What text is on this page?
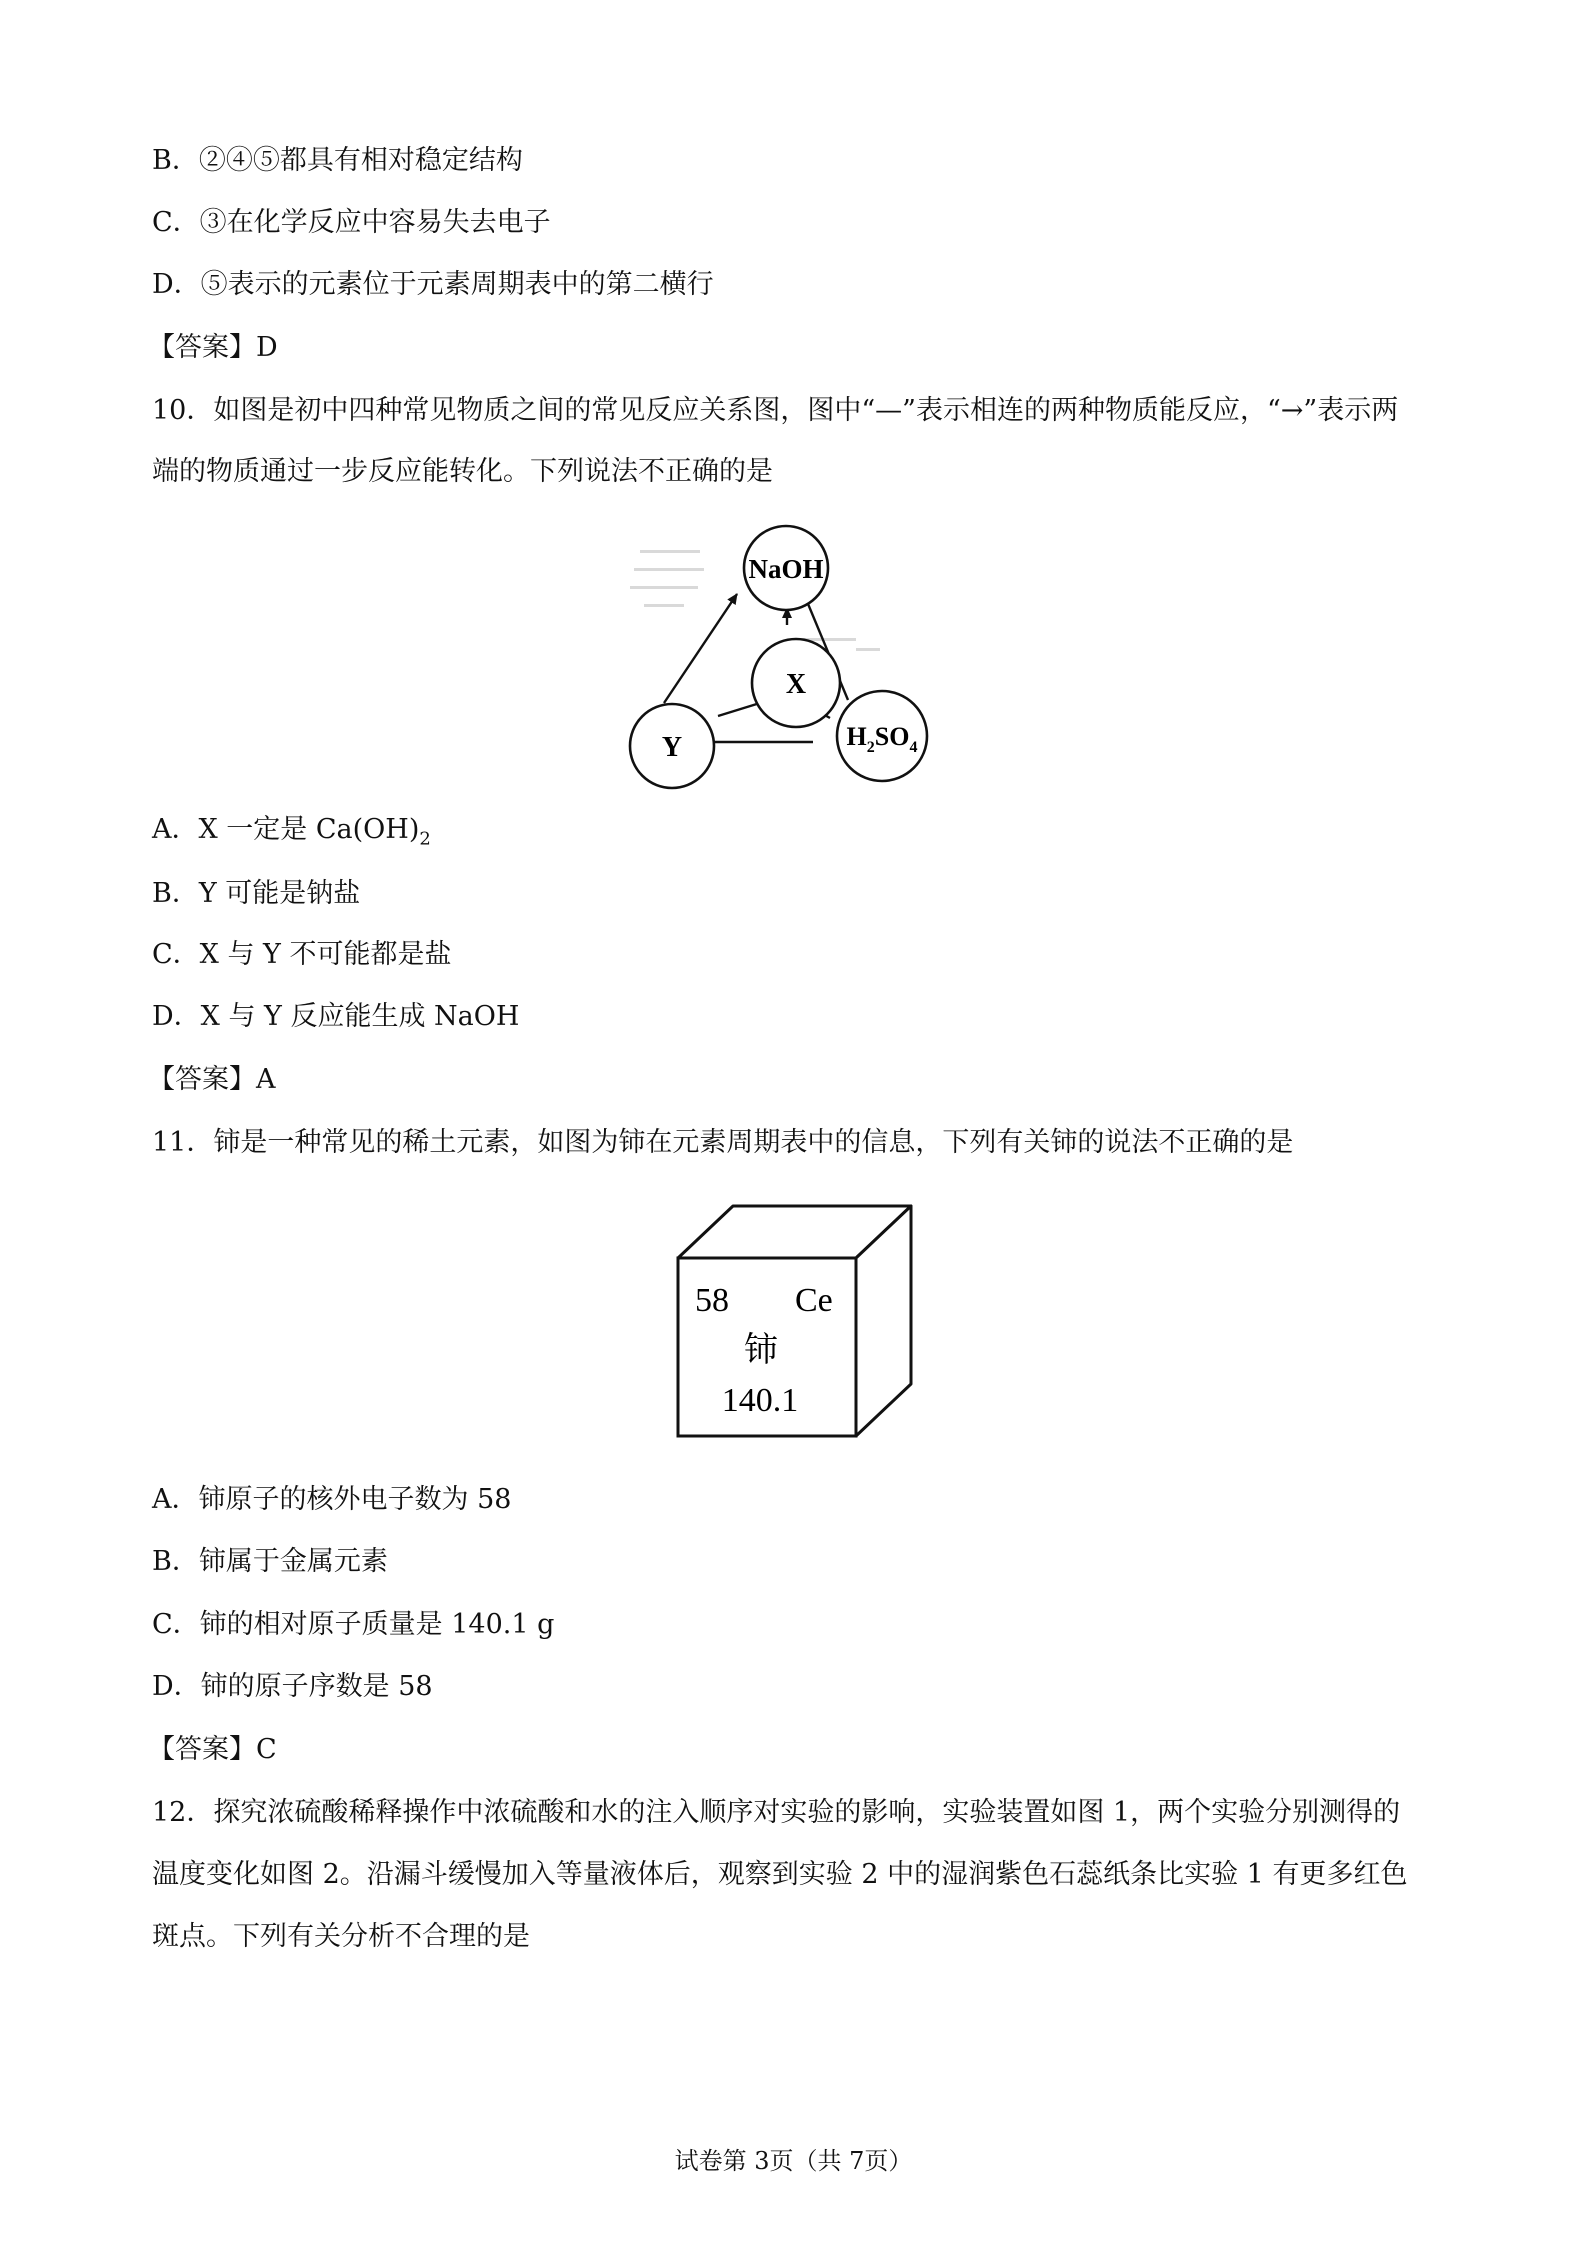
B．②④⑤都具有相对稳定结构
C．③在化学反应中容易失去电子
D．⑤表示的元素位于元素周期表中的第二横行
【答案】D
10．如图是初中四种常见物质之间的常见反应关系图，图中“—”表示相连的两种物质能反应，“→”表示两
端的物质通过一步反应能转化。下列说法不正确的是
NaOH
X
Y	$H_2SO_4$
A．X 一定是 $Ca(OH)_2$
B．Y 可能是钠盐
C．X 与 Y 不可能都是盐
D．X 与 Y 反应能生成 NaOH
【答案】A
11．铈是一种常见的稀土元素，如图为铈在元素周期表中的信息，下列有关铈的说法不正确的是
58 Ce
铈
140.1
A．铈原子的核外电子数为 58
B．铈属于金属元素
C．铈的相对原子质量是 140.1 g
D．铈的原子序数是 58
【答案】C
12．探究浓硫酸稀释操作中浓硫酸和水的注入顺序对实验的影响，实验装置如图 1，两个实验分别测得的
温度变化如图 2。沿漏斗缓慢加入等量液体后，观察到实验 2 中的湿润紫色石蕊纸条比实验 1 有更多红色
斑点。下列有关分析不合理的是
试卷第 3页（共 7页）
